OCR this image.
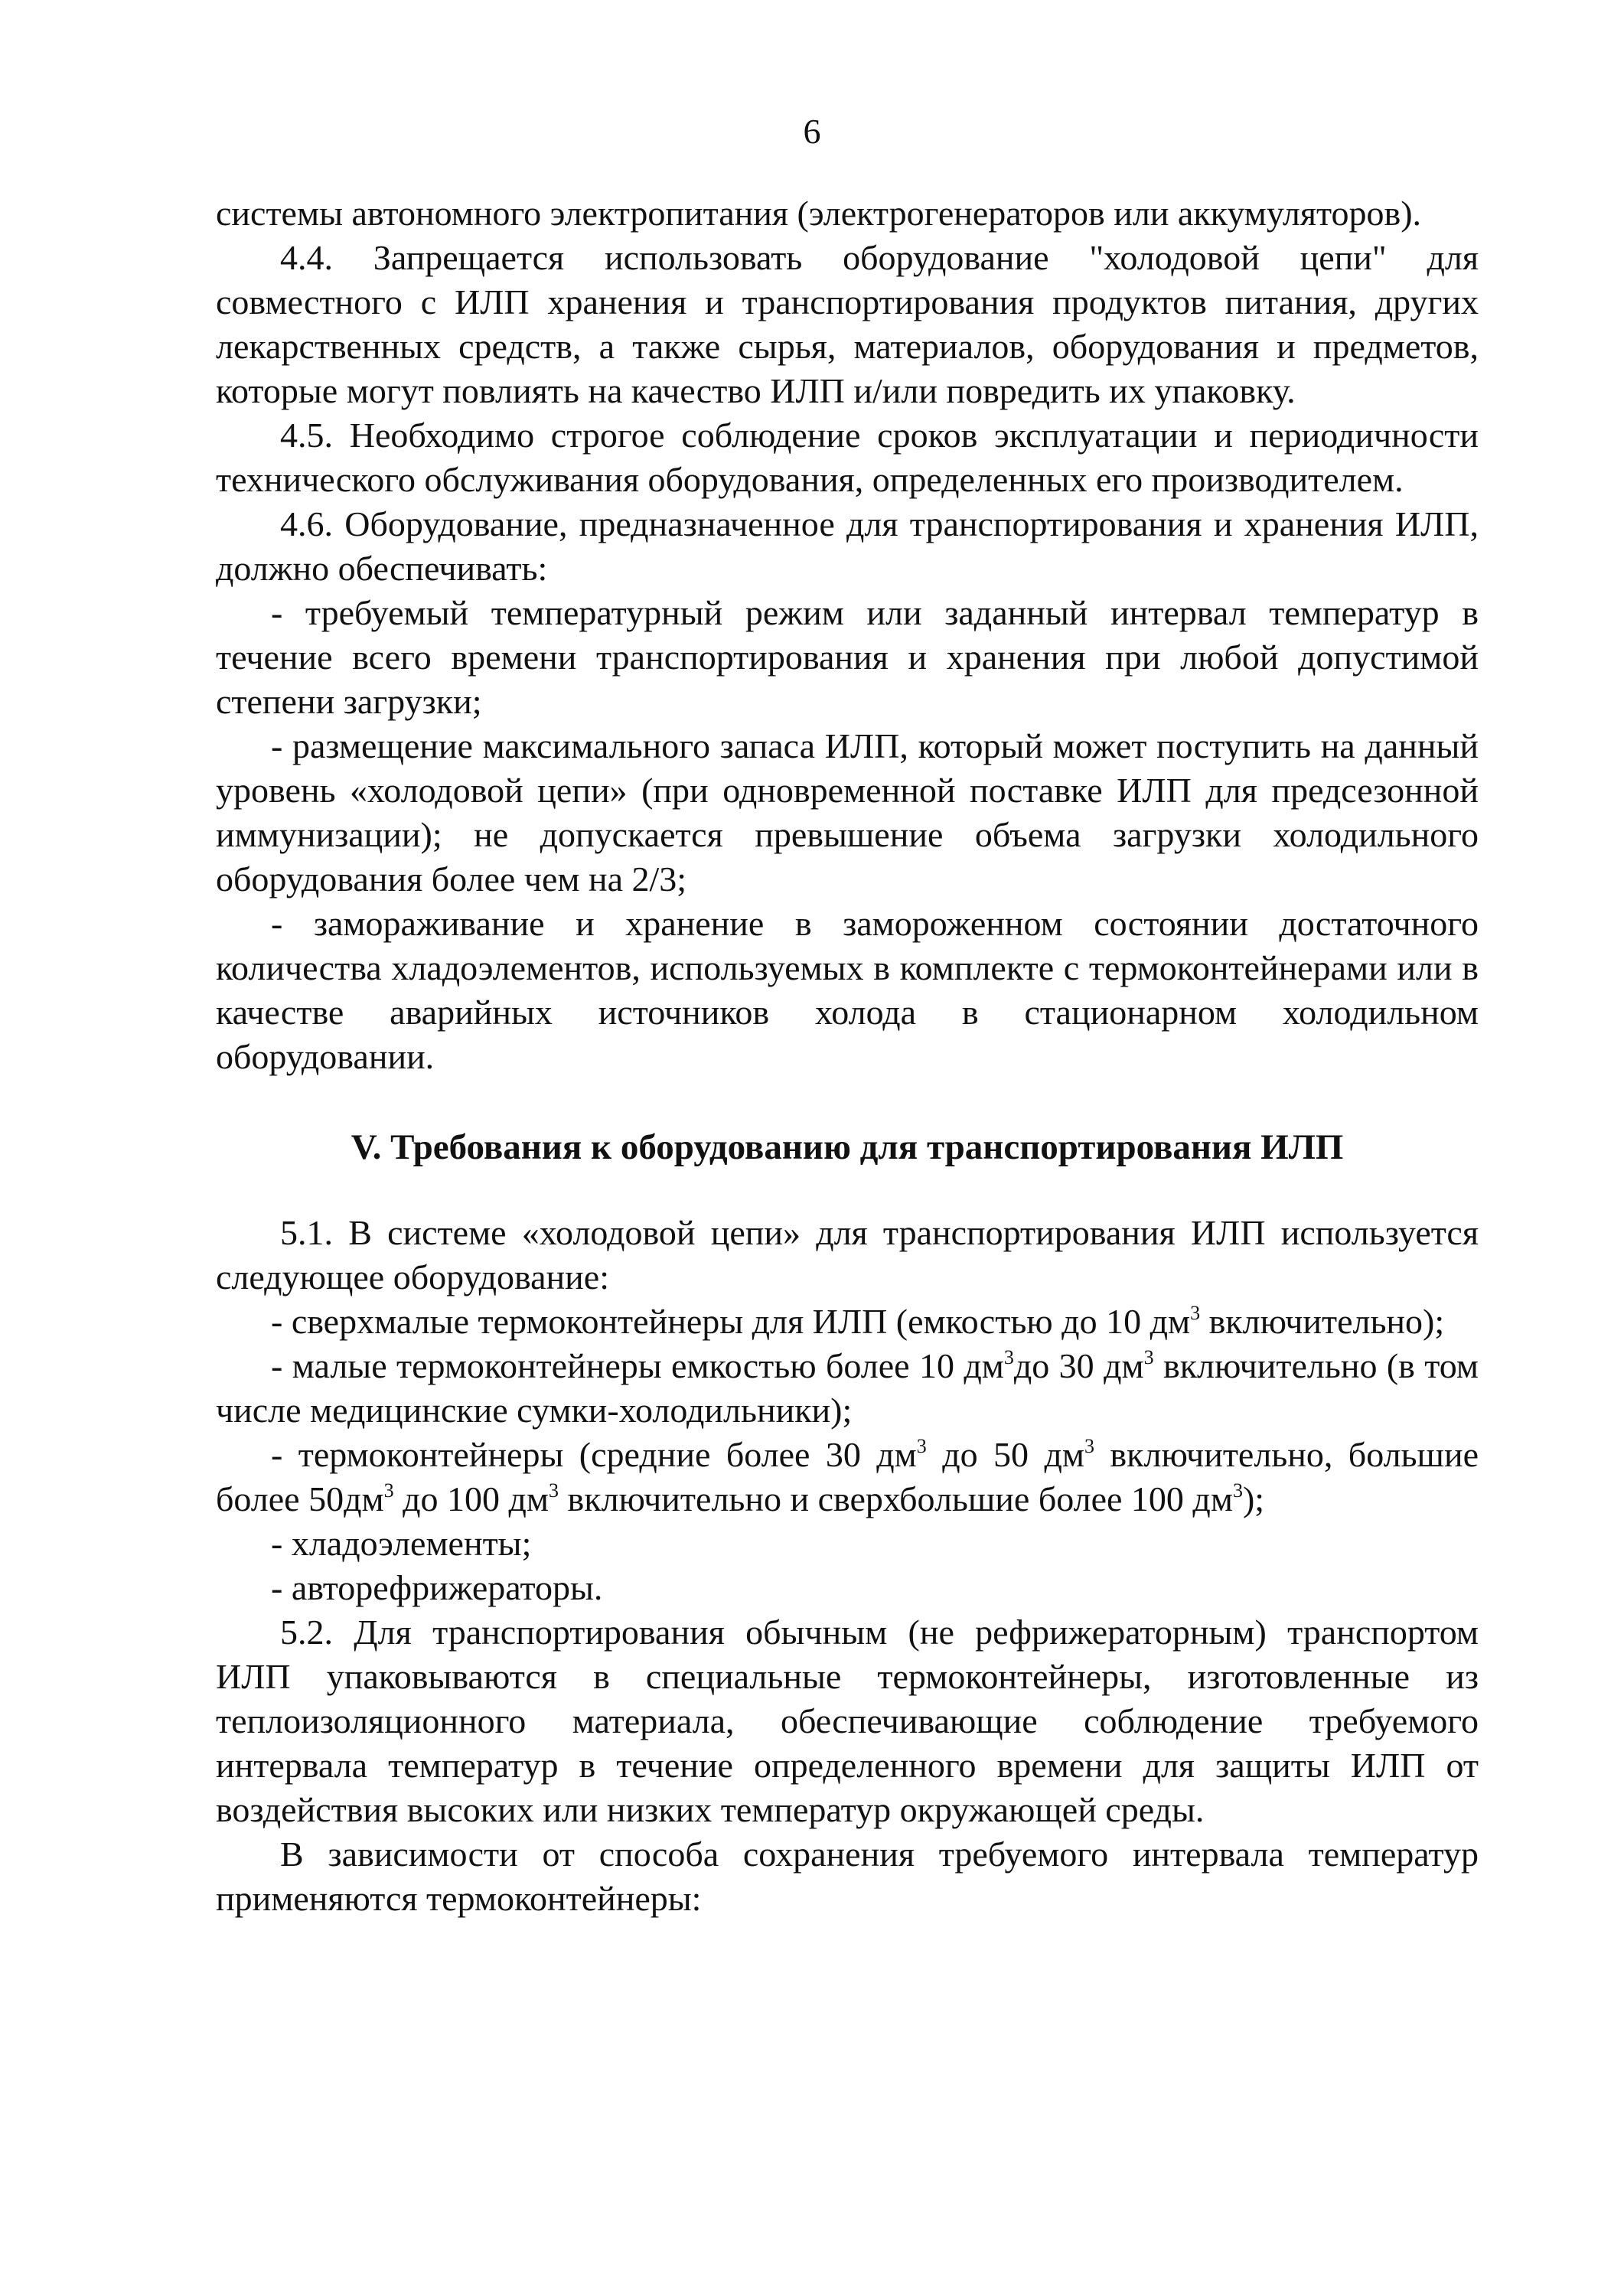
6

системы автономного электропитания (электрогенераторов или аккумуляторов).

4.4. Запрещается использовать оборудование "холодовой цепи" для совместного с ИЛП хранения и транспортирования продуктов питания, других лекарственных средств, а также сырья, материалов, оборудования и предметов, которые могут повлиять на качество ИЛП и/или повредить их упаковку.

4.5. Необходимо строгое соблюдение сроков эксплуатации и периодичности технического обслуживания оборудования, определенных его производителем.

4.6. Оборудование, предназначенное для транспортирования и хранения ИЛП, должно обеспечивать:

- требуемый температурный режим или заданный интервал температур в течение всего времени транспортирования и хранения при любой допустимой степени загрузки;

- размещение максимального запаса ИЛП, который может поступить на данный уровень «холодовой цепи» (при одновременной поставке ИЛП для предсезонной иммунизации); не допускается превышение объема загрузки холодильного оборудования более чем на 2/3;

- замораживание и хранение в замороженном состоянии достаточного количества хладоэлементов, используемых в комплекте с термоконтейнерами или в качестве аварийных источников холода в стационарном холодильном оборудовании.

V. Требования к оборудованию для транспортирования ИЛП

5.1. В системе «холодовой цепи» для транспортирования ИЛП используется следующее оборудование:

- сверхмалые термоконтейнеры для ИЛП (емкостью до 10 $дм^3$ включительно);

- малые термоконтейнеры емкостью более 10 $дм^3до$ 30 $дм^3$ включительно (в том числе медицинские сумки-холодильники);

- термоконтейнеры (средние более 30 $дм^3$ до 50 $дм^3$ включительно, большие более $50дм^3$ до 100 $дм^3$ включительно и сверхбольшие более 100 $дм^3$);

- хладоэлементы;

- авторефрижераторы.

5.2. Для транспортирования обычным (не рефрижераторным) транспортом ИЛП упаковываются в специальные термоконтейнеры, изготовленные из теплоизоляционного материала, обеспечивающие соблюдение требуемого интервала температур в течение определенного времени для защиты ИЛП от воздействия высоких или низких температур окружающей среды.

В зависимости от способа сохранения требуемого интервала температур применяются термоконтейнеры:
